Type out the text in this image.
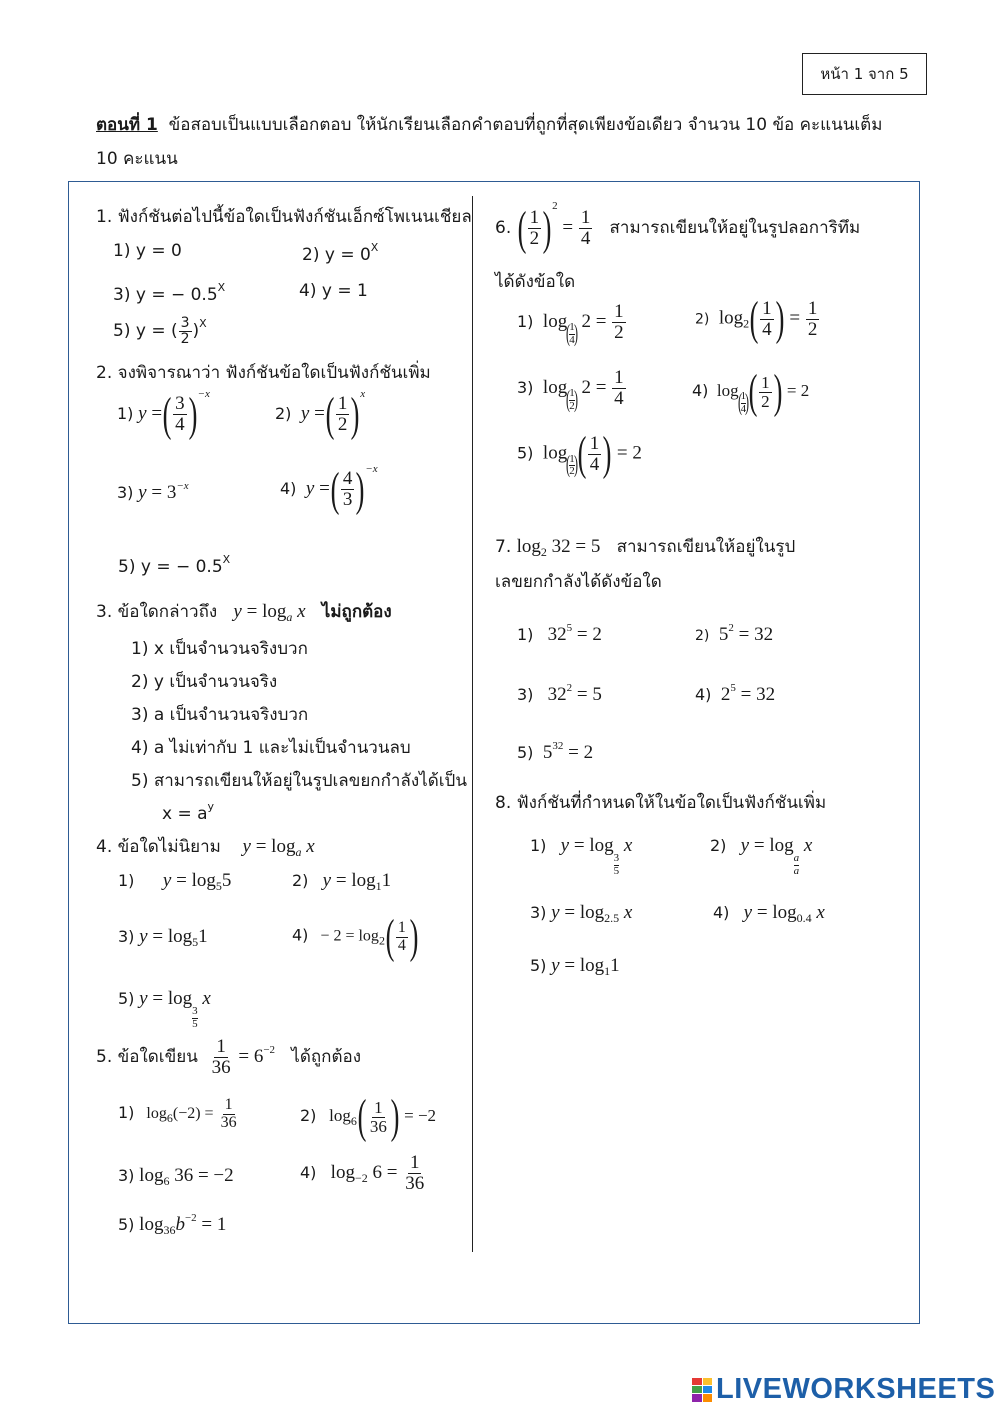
หน้า 1 จาก 5
ตอนที่ 1 ข้อสอบเป็นแบบเลือกตอบ ให้นักเรียนเลือกคำตอบที่ถูกที่สุดเพียงข้อเดียว จำนวน 10 ข้อ คะแนนเต็ม
10 คะแนน
1. ฟังก์ชันต่อไปนี้ข้อใดเป็นฟังก์ชันเอ็กซ์โพเนนเชียล
1) y = 0	2) $y = 0^X$
3) y = − $0.5^X$	4) y = 1
5) y = ( $\frac{3}{2} )^X$
2. จงพิจารณาว่า ฟังก์ชันข้อใดเป็นฟังก์ชันเพิ่ม
1) y = ( $\frac{3}{4}$ ) $^{-x}$
2) y = ( $\frac{1}{2}$ ) $^x$
3) $y = 3^{-x}$	4) y = ( $\frac{4}{3}$ ) $^{-x}$
5) y = − $0.5^X$
3. ข้อใดกล่าวถึง $y = \log_a x$ ไม่ถูกต้อง
1) x เป็นจำนวนจริงบวก
2) y เป็นจำนวนจริง
3) a เป็นจำนวนจริงบวก
4) a ไม่เท่ากับ 1 และไม่เป็นจำนวนลบ
5) สามารถเขียนให้อยู่ในรูปเลขยกกำลังได้เป็น
$x = a^y$
4. ข้อใดไม่นิยาม $y = \log_a x$
1) $y = \log_55$	2) $y = \log_11$
3) $y = \log_51$	$4) - 2 = \log_2$ ( $\frac{1}{4}$ )
5) y = log
$\frac{3}{5}$
x
5. ข้อใดเขียน $\frac{1}{36} = 6^{-2}$ ได้ถูกต้อง
1) $\log_6(-2) = \frac{1}{36}$	2) $\log_6$ ( $\frac{1}{36}$ ) = −2
3) $\log_6 36 = -2$	4) $\log_{-2} 6 = \frac{1}{36}$
5) $\log_{36}b^{-2} = 1$
6. ( $\frac{1}{2}$ ) $^2 = \frac{1}{4}$ สามารถเขียนให้อยู่ในรูปลอการิทึม
ได้ดังข้อใด
1) log ( 1
4 ) $2 = \frac{1}{2}$	2) $\log_2$ ( $\frac{1}{4}$ ) = $\frac{1}{2}$
3) log ( 1
2 ) $2 = \frac{1}{4}$	4) log ( 1
4 ) ( $\frac{1}{2}$ ) = 2
5) log ( 1
2 ) ( $\frac{1}{4}$ ) = 2
7. $\log_2 32 = 5$ สามารถเขียนให้อยู่ในรูป
เลขยกกำลังได้ดังข้อใด
1) $32^5 = 2$	2) $5^2 = 32$
3) $32^2 = 5$	4) $2^5 = 32$
5) $5^{32} = 2$
8. ฟังก์ชันที่กำหนดให้ในข้อใดเป็นฟังก์ชันเพิ่ม
1) y = log
$\frac{3}{5}$
x	2) y = log
$\frac{a}{a}$
x
3) $y = \log_{2.5} x$	4) $y = \log_{0.4} x$
5) $y = \log_11$
LIVEWORKSHEETS
